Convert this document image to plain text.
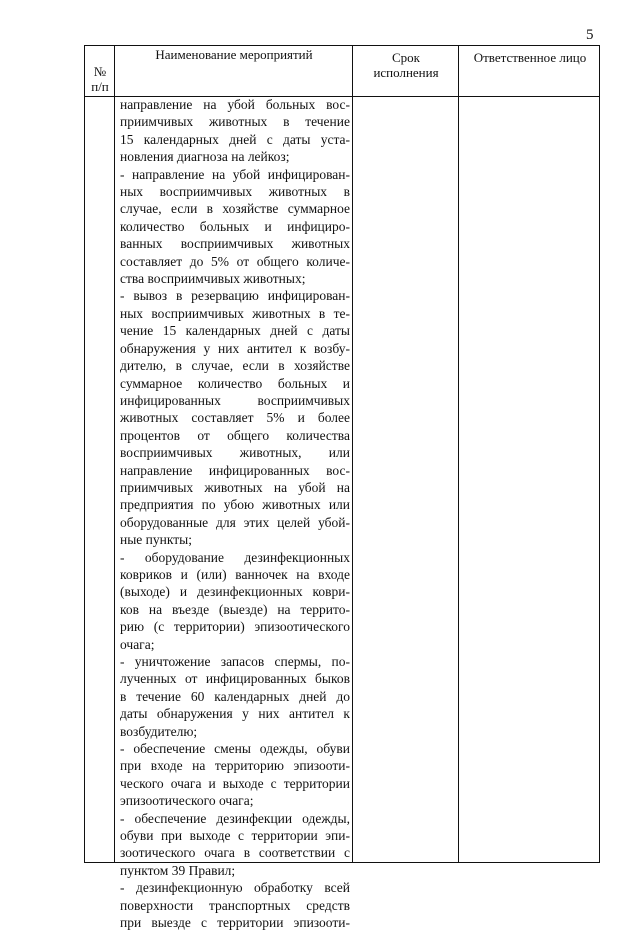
5
№
п/п
Наименование мероприятий	Срок
исполнения
Ответственное лицо
направление на убой больных вос-
приимчивых животных в течение
15 календарных дней с даты уста-
новления диагноза на лейкоз;
- направление на убой инфицирован-
ных восприимчивых животных в
случае, если в хозяйстве суммарное
количество больных и инфициро-
ванных восприимчивых животных
составляет до 5% от общего количе-
ства восприимчивых животных;
- вывоз в резервацию инфицирован-
ных восприимчивых животных в те-
чение 15 календарных дней с даты
обнаружения у них антител к возбу-
дителю, в случае, если в хозяйстве
суммарное количество больных и
инфицированных восприимчивых
животных составляет 5% и более
процентов от общего количества
восприимчивых животных, или
направление инфицированных вос-
приимчивых животных на убой на
предприятия по убою животных или
оборудованные для этих целей убой-
ные пункты;
- оборудование дезинфекционных
ковриков и (или) ванночек на входе
(выходе) и дезинфекционных коври-
ков на въезде (выезде) на террито-
рию (с территории) эпизоотического
очага;
- уничтожение запасов спермы, по-
лученных от инфицированных быков
в течение 60 календарных дней до
даты обнаружения у них антител к
возбудителю;
- обеспечение смены одежды, обуви
при входе на территорию эпизооти-
ческого очага и выходе с территории
эпизоотического очага;
- обеспечение дезинфекции одежды,
обуви при выходе с территории эпи-
зоотического очага в соответствии с
пунктом 39 Правил;
- дезинфекционную обработку всей
поверхности транспортных средств
при выезде с территории эпизооти-
